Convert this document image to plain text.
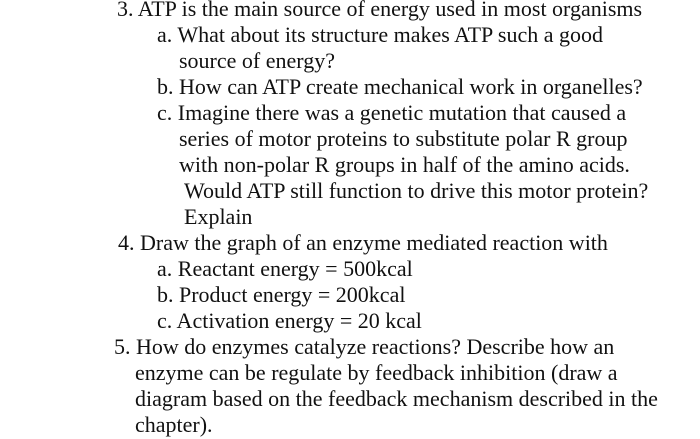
3. ATP is the main source of energy used in most organisms
a. What about its structure makes ATP such a good
source of energy?
b. How can ATP create mechanical work in organelles?
c. Imagine there was a genetic mutation that caused a
series of motor proteins to substitute polar R group
with non-polar R groups in half of the amino acids.
Would ATP still function to drive this motor protein?
Explain
4. Draw the graph of an enzyme mediated reaction with
a. Reactant energy = 500kcal
b. Product energy = 200kcal
c. Activation energy = 20 kcal
5. How do enzymes catalyze reactions? Describe how an
enzyme can be regulate by feedback inhibition (draw a
diagram based on the feedback mechanism described in the
chapter).
